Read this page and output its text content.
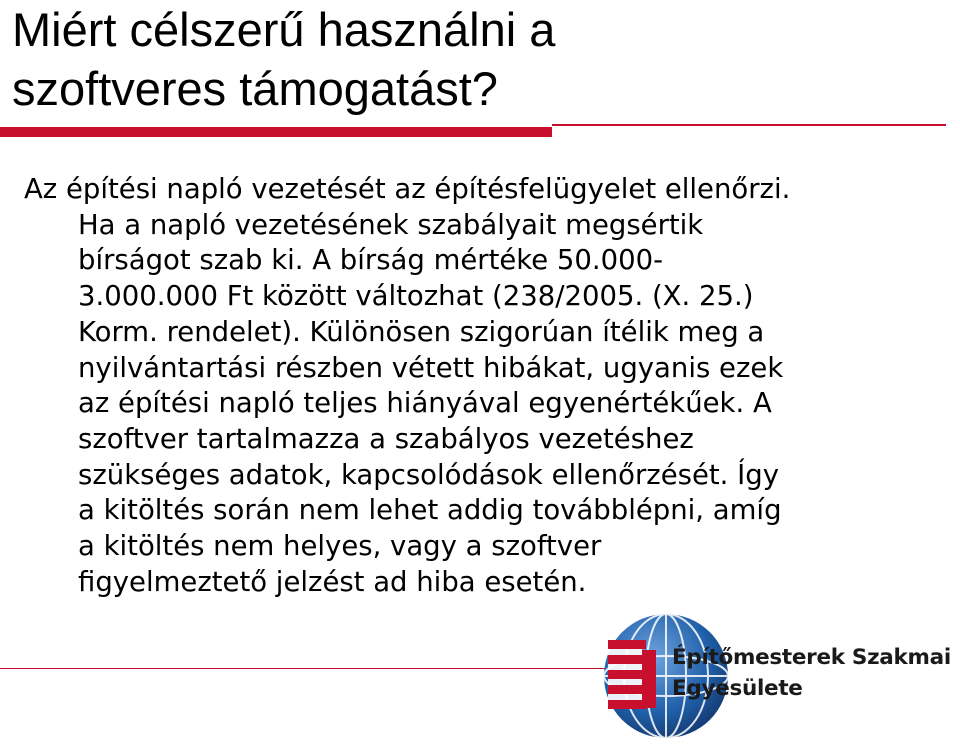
Miért célszerű használni a
szoftveres támogatást?
Az építési napló vezetését az építésfelügyelet ellenőrzi.
Ha a napló vezetésének szabályait megsértik
bírságot szab ki. A bírság mértéke 50.000-
3.000.000 Ft között változhat (238/2005. (X. 25.)
Korm. rendelet). Különösen szigorúan ítélik meg a
nyilvántartási részben vétett hibákat, ugyanis ezek
az építési napló teljes hiányával egyenértékűek. A
szoftver tartalmazza a szabályos vezetéshez
szükséges adatok, kapcsolódások ellenőrzését. Így
a kitöltés során nem lehet addig továbblépni, amíg
a kitöltés nem helyes, vagy a szoftver
figyelmeztető jelzést ad hiba esetén.
Építőmesterek Szakmai
Egyesülete
